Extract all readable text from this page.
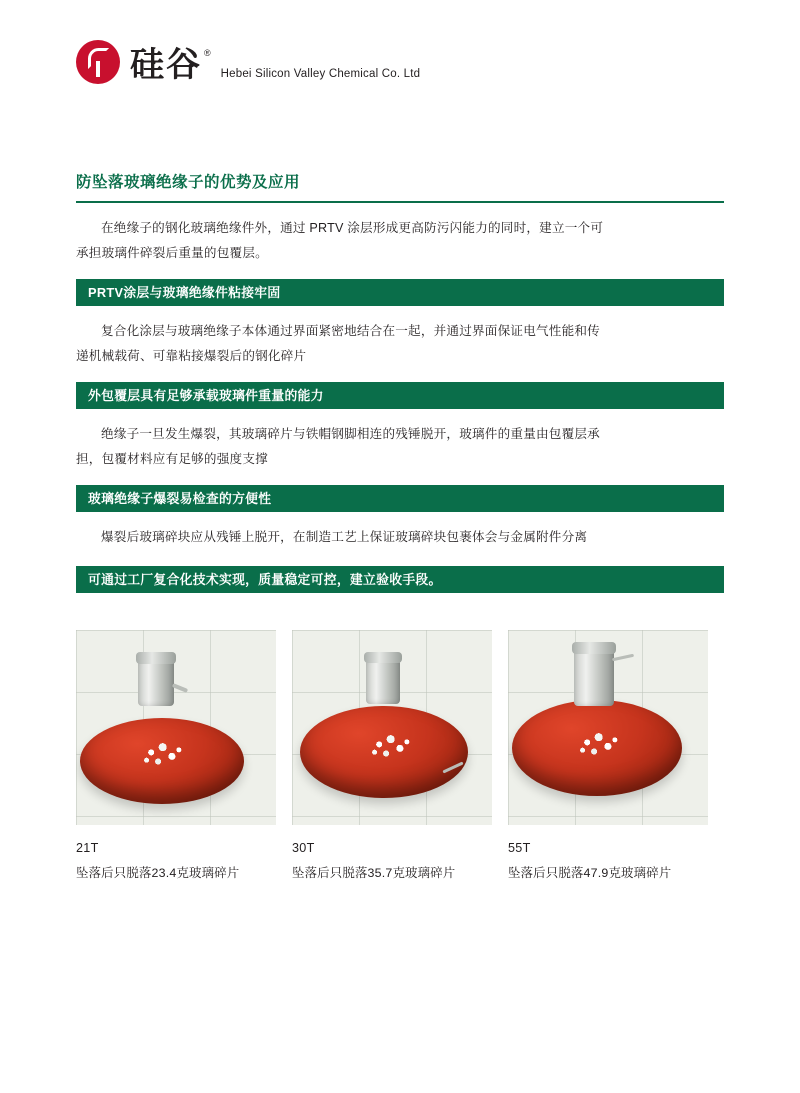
硅谷 ®
Hebei Silicon Valley Chemical Co. Ltd
防坠落玻璃绝缘子的优势及应用
在绝缘子的钢化玻璃绝缘件外，通过 PRTV 涂层形成更高防污闪能力的同时，建立一个可承担玻璃件碎裂后重量的包覆层。
PRTV涂层与玻璃绝缘件粘接牢固
复合化涂层与玻璃绝缘子本体通过界面紧密地结合在一起，并通过界面保证电气性能和传递机械载荷、可靠粘接爆裂后的钢化碎片
外包覆层具有足够承载玻璃件重量的能力
绝缘子一旦发生爆裂，其玻璃碎片与铁帽钢脚相连的残锤脱开，玻璃件的重量由包覆层承担，包覆材料应有足够的强度支撑
玻璃绝缘子爆裂易检查的方便性
爆裂后玻璃碎块应从残锤上脱开，在制造工艺上保证玻璃碎块包裹体会与金属附件分离
可通过工厂复合化技术实现，质量稳定可控，建立验收手段。
21T
坠落后只脱落23.4克玻璃碎片
30T
坠落后只脱落35.7克玻璃碎片
55T
坠落后只脱落47.9克玻璃碎片
